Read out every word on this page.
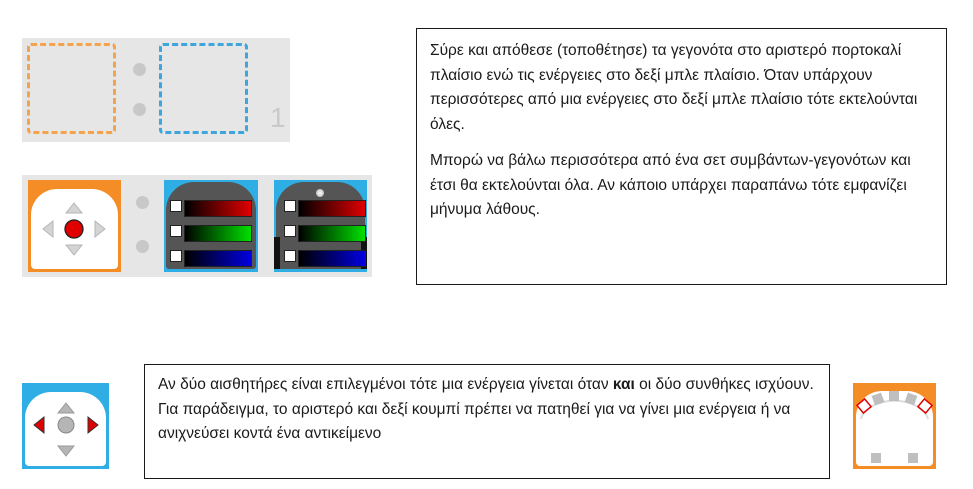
1

Σύρε και απόθεσε (τοποθέτησε) τα γεγονότα στο αριστερό πορτοκαλί πλαίσιο ενώ τις ενέργειες στο δεξί μπλε πλαίσιο. Όταν υπάρχουν περισσότερες από μια ενέργειες στο δεξί μπλε πλαίσιο τότε εκτελούνται όλες.

Μπορώ να βάλω περισσότερα από ένα σετ συμβάντων-γεγονότων και έτσι θα εκτελούνται όλα. Αν κάποιο υπάρχει παραπάνω τότε εμφανίζει μήνυμα λάθους.

Αν δύο αισθητήρες είναι επιλεγμένοι τότε μια ενέργεια γίνεται όταν και οι δύο συνθήκες ισχύουν. Για παράδειγμα, το αριστερό και δεξί κουμπί πρέπει να πατηθεί για να γίνει μια ενέργεια ή να ανιχνεύσει κοντά ένα αντικείμενο
